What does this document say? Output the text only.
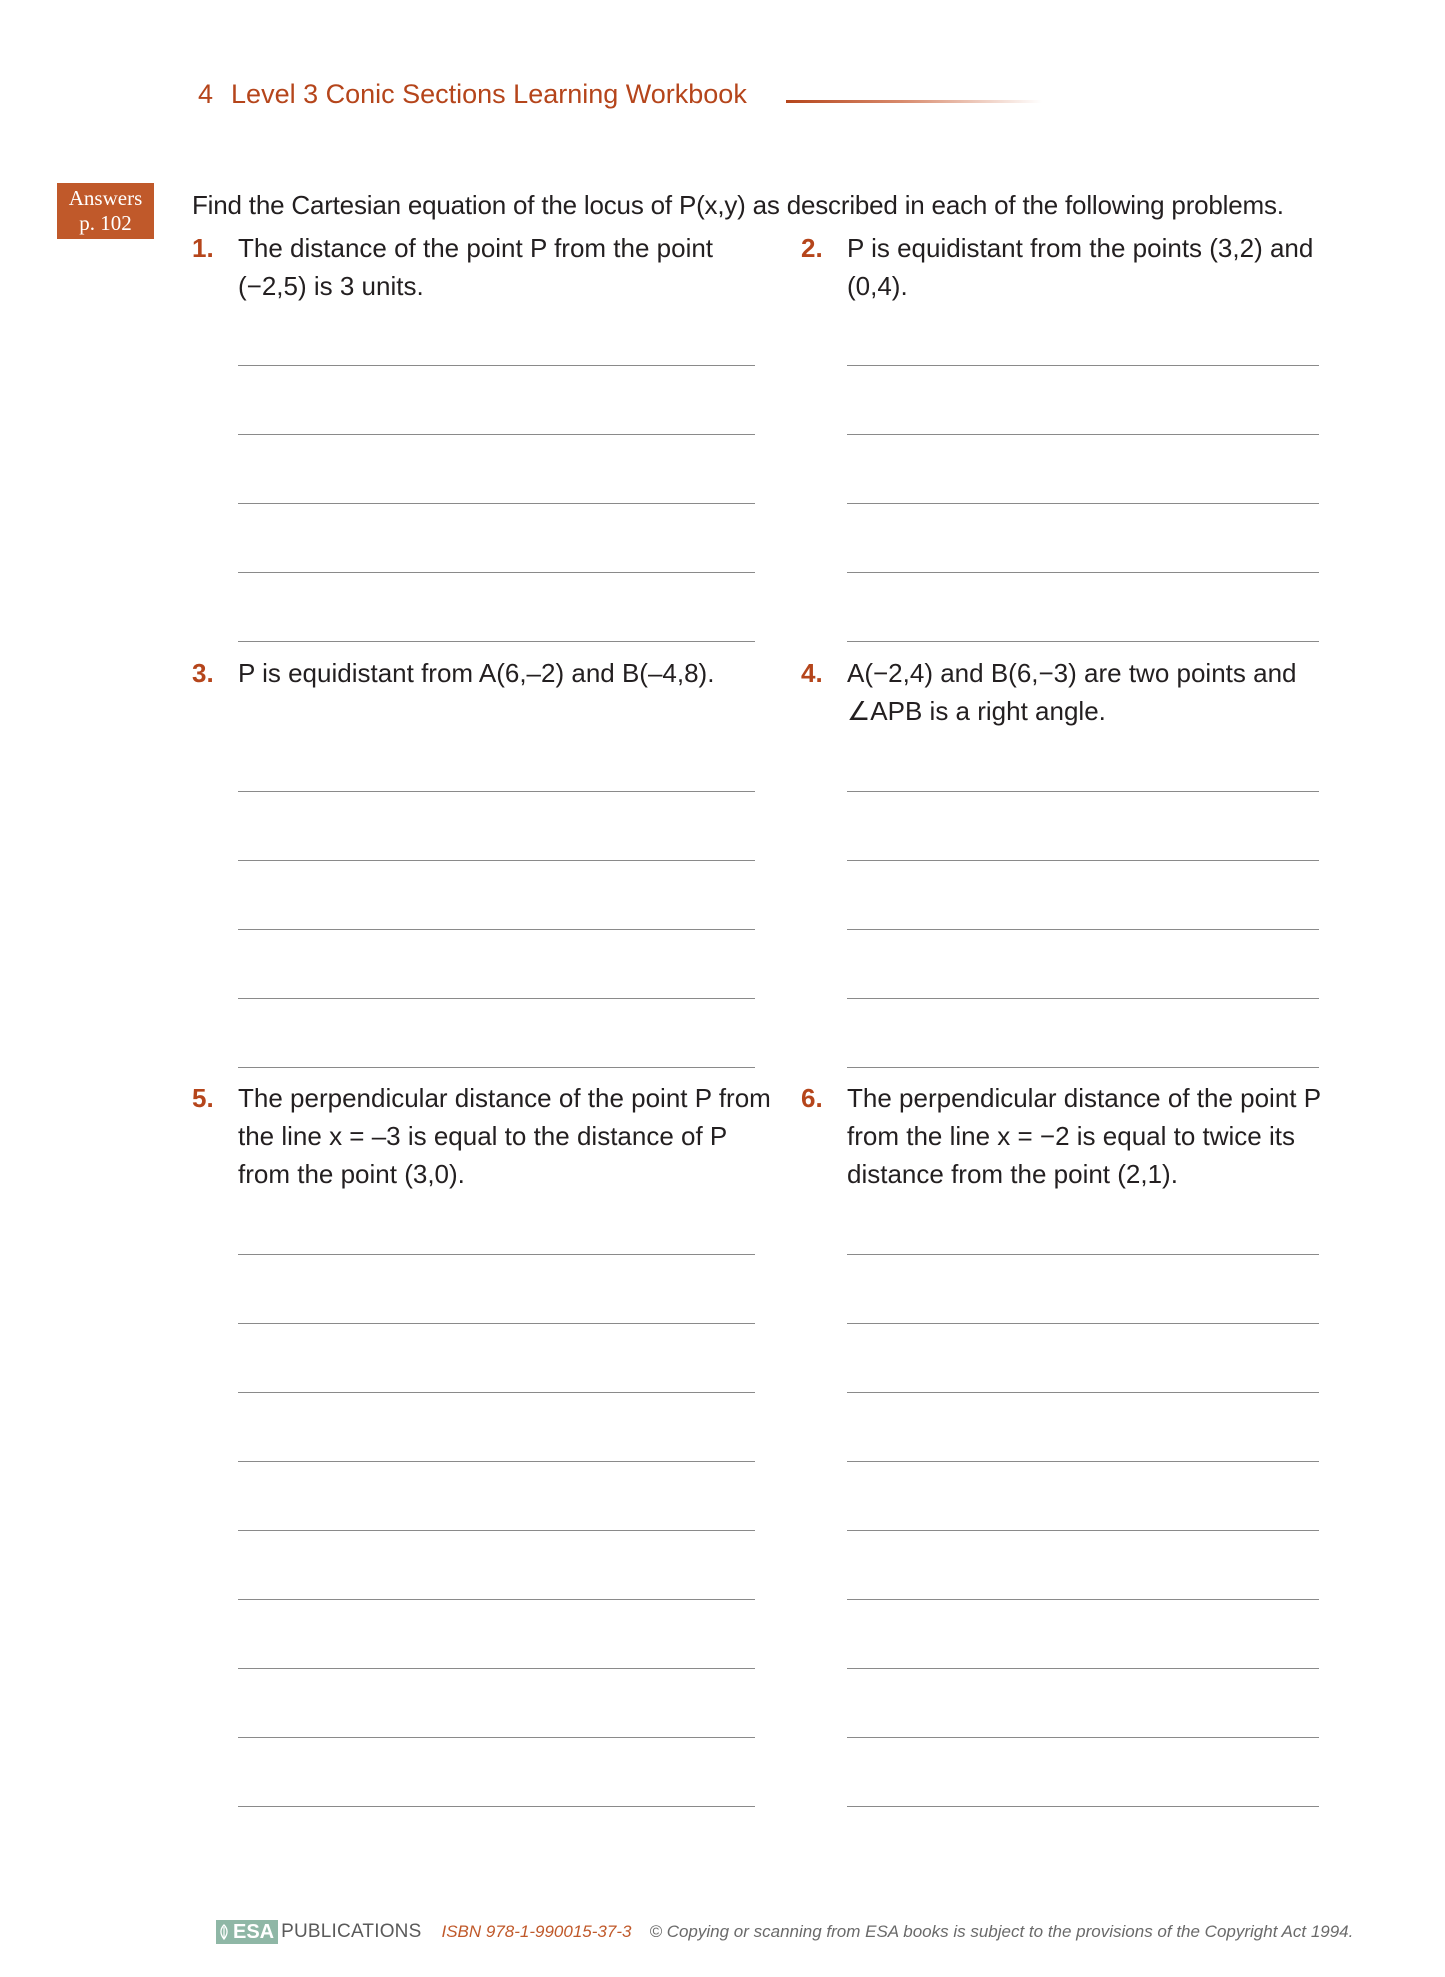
4 Level 3 Conic Sections Learning Workbook
Answers
p. 102
Find the Cartesian equation of the locus of P(x,y) as described in each of the following problems.
1. The distance of the point P from the point
(−2,5) is 3 units.
2. P is equidistant from the points (3,2) and
(0,4).
3. P is equidistant from A(6,–2) and B(–4,8).	4. A(−2,4) and B(6,−3) are two points and
∠APB is a right angle.
5. The perpendicular distance of the point P from
the line x = –3 is equal to the distance of P
from the point (3,0).
6. The perpendicular distance of the point P
from the line x = −2 is equal to twice its
distance from the point (2,1).
ESA PUBLICATIONS ISBN 978-1-990015-37-3 © Copying or scanning from ESA books is subject to the provisions of the Copyright Act 1994.
